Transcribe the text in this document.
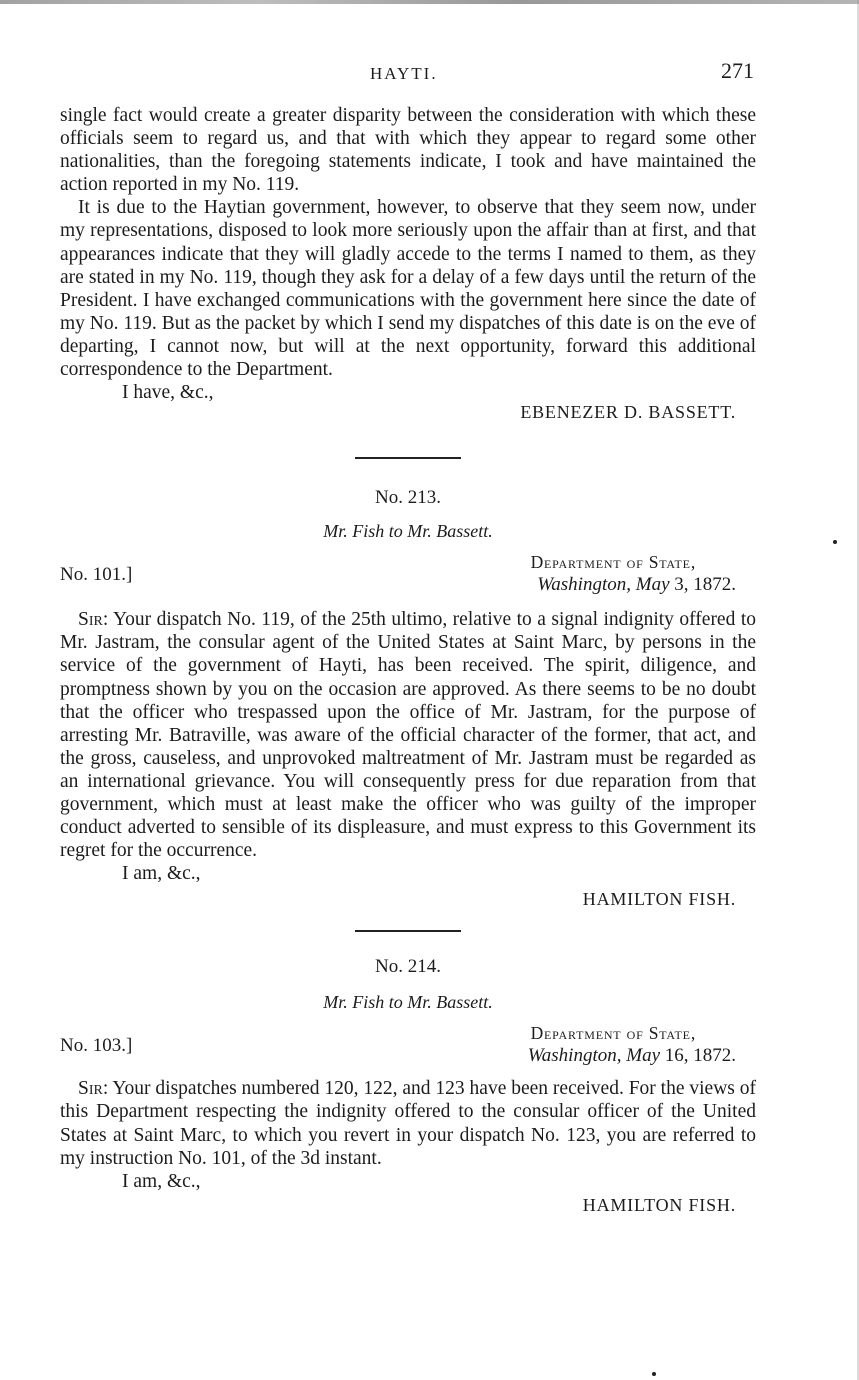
HAYTI.	271

single fact would create a greater disparity between the consideration with which these officials seem to regard us, and that with which they appear to regard some other nationalities, than the foregoing statements indicate, I took and have maintained the action reported in my No. 119.

It is due to the Haytian government, however, to observe that they seem now, under my representations, disposed to look more seriously upon the affair than at first, and that appearances indicate that they will gladly accede to the terms I named to them, as they are stated in my No. 119, though they ask for a delay of a few days until the return of the President. I have exchanged communications with the government here since the date of my No. 119. But as the packet by which I send my dispatches of this date is on the eve of departing, I cannot now, but will at the next opportunity, forward this additional correspondence to the Department.

I have, &c.,

EBENEZER D. BASSETT.

No. 213.

Mr. Fish to Mr. Bassett.

No. 101.]
Department of State,
Washington, May 3, 1872.

Sir: Your dispatch No. 119, of the 25th ultimo, relative to a signal indignity offered to Mr. Jastram, the consular agent of the United States at Saint Marc, by persons in the service of the government of Hayti, has been received. The spirit, diligence, and promptness shown by you on the occasion are approved. As there seems to be no doubt that the officer who trespassed upon the office of Mr. Jastram, for the purpose of arresting Mr. Batraville, was aware of the official character of the former, that act, and the gross, causeless, and unprovoked maltreatment of Mr. Jastram must be regarded as an international grievance. You will consequently press for due reparation from that government, which must at least make the officer who was guilty of the improper conduct adverted to sensible of its displeasure, and must express to this Government its regret for the occurrence.

I am, &c.,

HAMILTON FISH.

No. 214.

Mr. Fish to Mr. Bassett.

No. 103.]
Department of State,
Washington, May 16, 1872.

Sir: Your dispatches numbered 120, 122, and 123 have been received. For the views of this Department respecting the indignity offered to the consular officer of the United States at Saint Marc, to which you revert in your dispatch No. 123, you are referred to my instruction No. 101, of the 3d instant.

I am, &c.,

HAMILTON FISH.
